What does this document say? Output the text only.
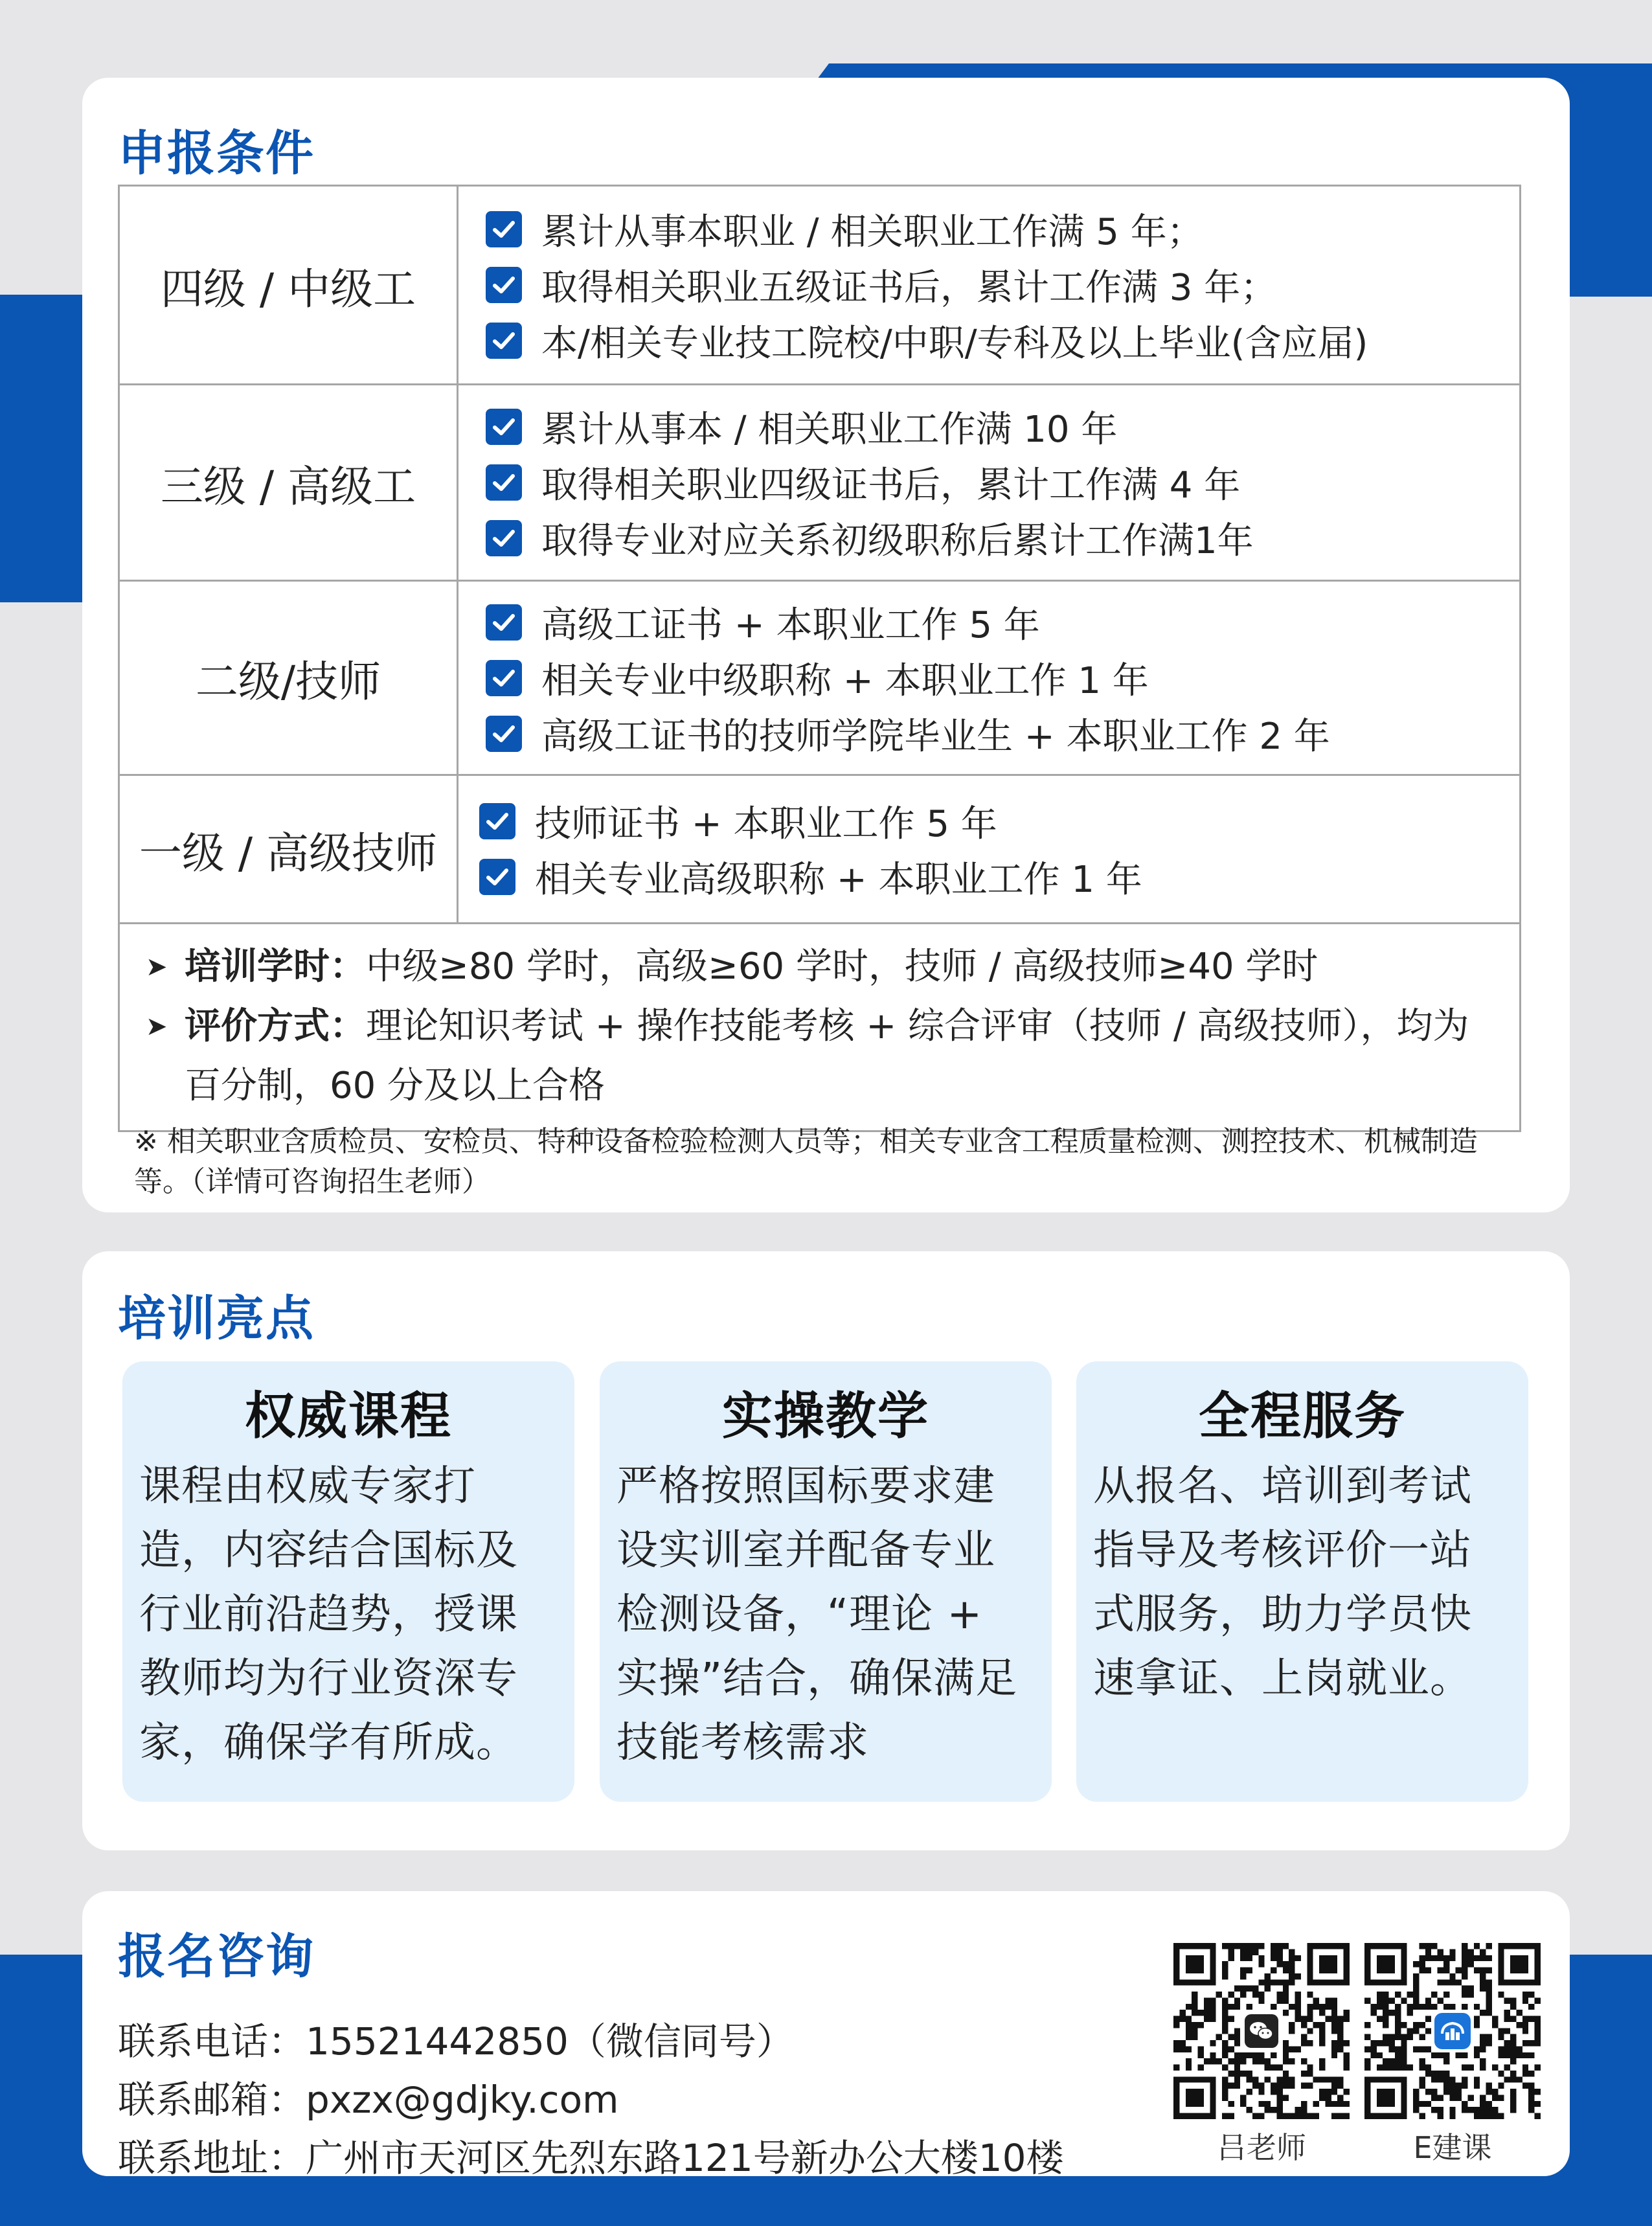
申报条件
四级 / 中级工
累计从事本职业 / 相关职业工作满 5 年；
取得相关职业五级证书后，累计工作满 3 年；
本/相关专业技工院校/中职/专科及以上毕业(含应届)
三级 / 高级工
累计从事本 / 相关职业工作满 10 年
取得相关职业四级证书后，累计工作满 4 年
取得专业对应关系初级职称后累计工作满1年
二级/技师
高级工证书 + 本职业工作 5 年
相关专业中级职称 + 本职业工作 1 年
高级工证书的技师学院毕业生 + 本职业工作 2 年
一级 / 高级技师
技师证书 + 本职业工作 5 年
相关专业高级职称 + 本职业工作 1 年
➤ 培训学时：中级≥80 学时，高级≥60 学时，技师 / 高级技师≥40 学时
➤ 评价方式：理论知识考试 + 操作技能考核 + 综合评审（技师 / 高级技师），均为百分制，60 分及以上合格
※ 相关职业含质检员、安检员、特种设备检验检测人员等；相关专业含工程质量检测、测控技术、机械制造等。（详情可咨询招生老师）
培训亮点
权威课程
课程由权威专家打造，内容结合国标及行业前沿趋势，授课教师均为行业资深专家，确保学有所成。
实操教学
严格按照国标要求建设实训室并配备专业检测设备，“理论 + 实操”结合，确保满足技能考核需求
全程服务
从报名、培训到考试指导及考核评价一站式服务，助力学员快速拿证、上岗就业。
报名咨询
联系电话：15521442850（微信同号）
联系邮箱：pxzx@gdjky.com
联系地址：广州市天河区先烈东路121号新办公大楼10楼	吕老师	E建课
